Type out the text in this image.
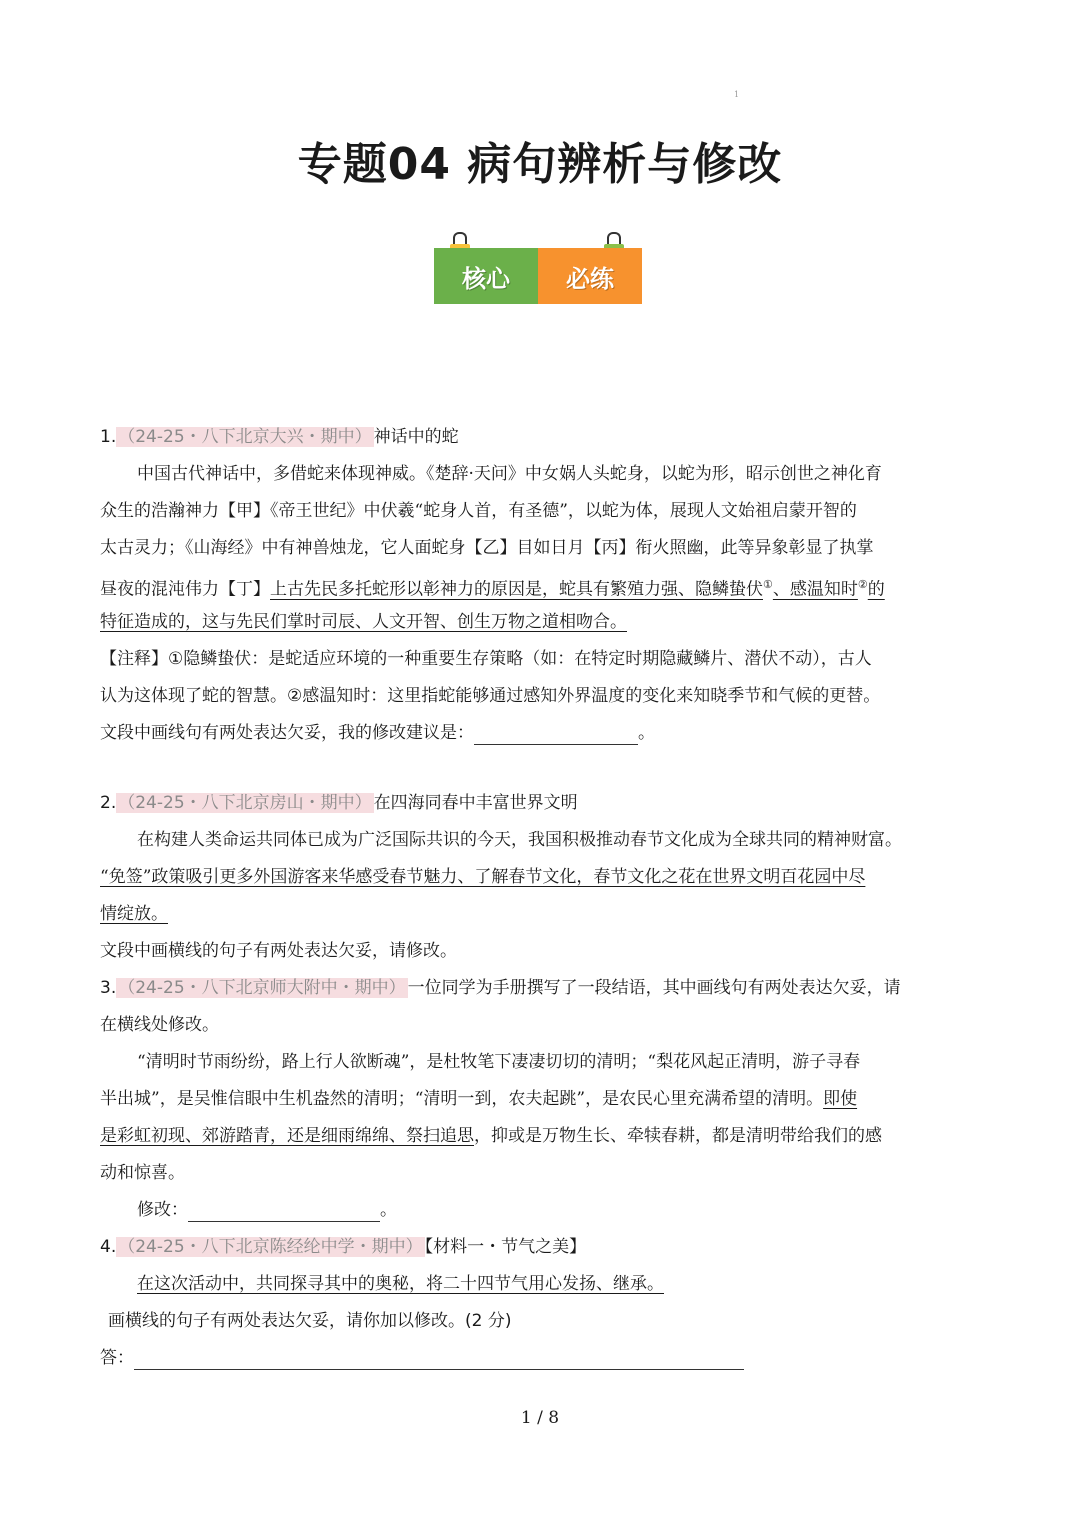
1
专题04 病句辨析与修改
核心	必练
1. （24-25・八下北京大兴・期中） 神话中的蛇
中国古代神话中，多借蛇来体现神威。《楚辞·天问》中女娲人头蛇身，以蛇为形，昭示创世之神化育
众生的浩瀚神力【甲】《帝王世纪》中伏羲“蛇身人首，有圣德”，以蛇为体，展现人文始祖启蒙开智的
太古灵力；《山海经》中有神兽烛龙，它人面蛇身【乙】目如日月【丙】衔火照幽，此等异象彰显了执掌
昼夜的混沌伟力【丁】上古先民多托蛇形以彰神力的原因是，蛇具有繁殖力强、隐鳞蛰伏①、感温知时②的
特征造成的，这与先民们掌时司辰、人文开智、创生万物之道相吻合。
【注释】①隐鳞蛰伏：是蛇适应环境的一种重要生存策略（如：在特定时期隐藏鳞片、潜伏不动），古人
认为这体现了蛇的智慧。②感温知时：这里指蛇能够通过感知外界温度的变化来知晓季节和气候的更替。
文段中画线句有两处表达欠妥，我的修改建议是：	。
2. （24-25・八下北京房山・期中） 在四海同春中丰富世界文明
在构建人类命运共同体已成为广泛国际共识的今天，我国积极推动春节文化成为全球共同的精神财富。
“免签”政策吸引更多外国游客来华感受春节魅力、了解春节文化，春节文化之花在世界文明百花园中尽
情绽放。
文段中画横线的句子有两处表达欠妥，请修改。
3. （24-25・八下北京师大附中・期中） 一位同学为手册撰写了一段结语，其中画线句有两处表达欠妥，请
在横线处修改。
“清明时节雨纷纷，路上行人欲断魂”，是杜牧笔下凄凄切切的清明；“梨花风起正清明，游子寻春
半出城”，是吴惟信眼中生机盎然的清明；“清明一到，农夫起跳”，是农民心里充满希望的清明。即使
是彩虹初现、郊游踏青，还是细雨绵绵、祭扫追思，抑或是万物生长、牵犊春耕，都是清明带给我们的感
动和惊喜。
修改：	。
4. （24-25・八下北京陈经纶中学・期中） 【材料一・节气之美】
在这次活动中，共同探寻其中的奥秘，将二十四节气用心发扬、继承。
画横线的句子有两处表达欠妥，请你加以修改。(2 分)
答：
1 / 8
